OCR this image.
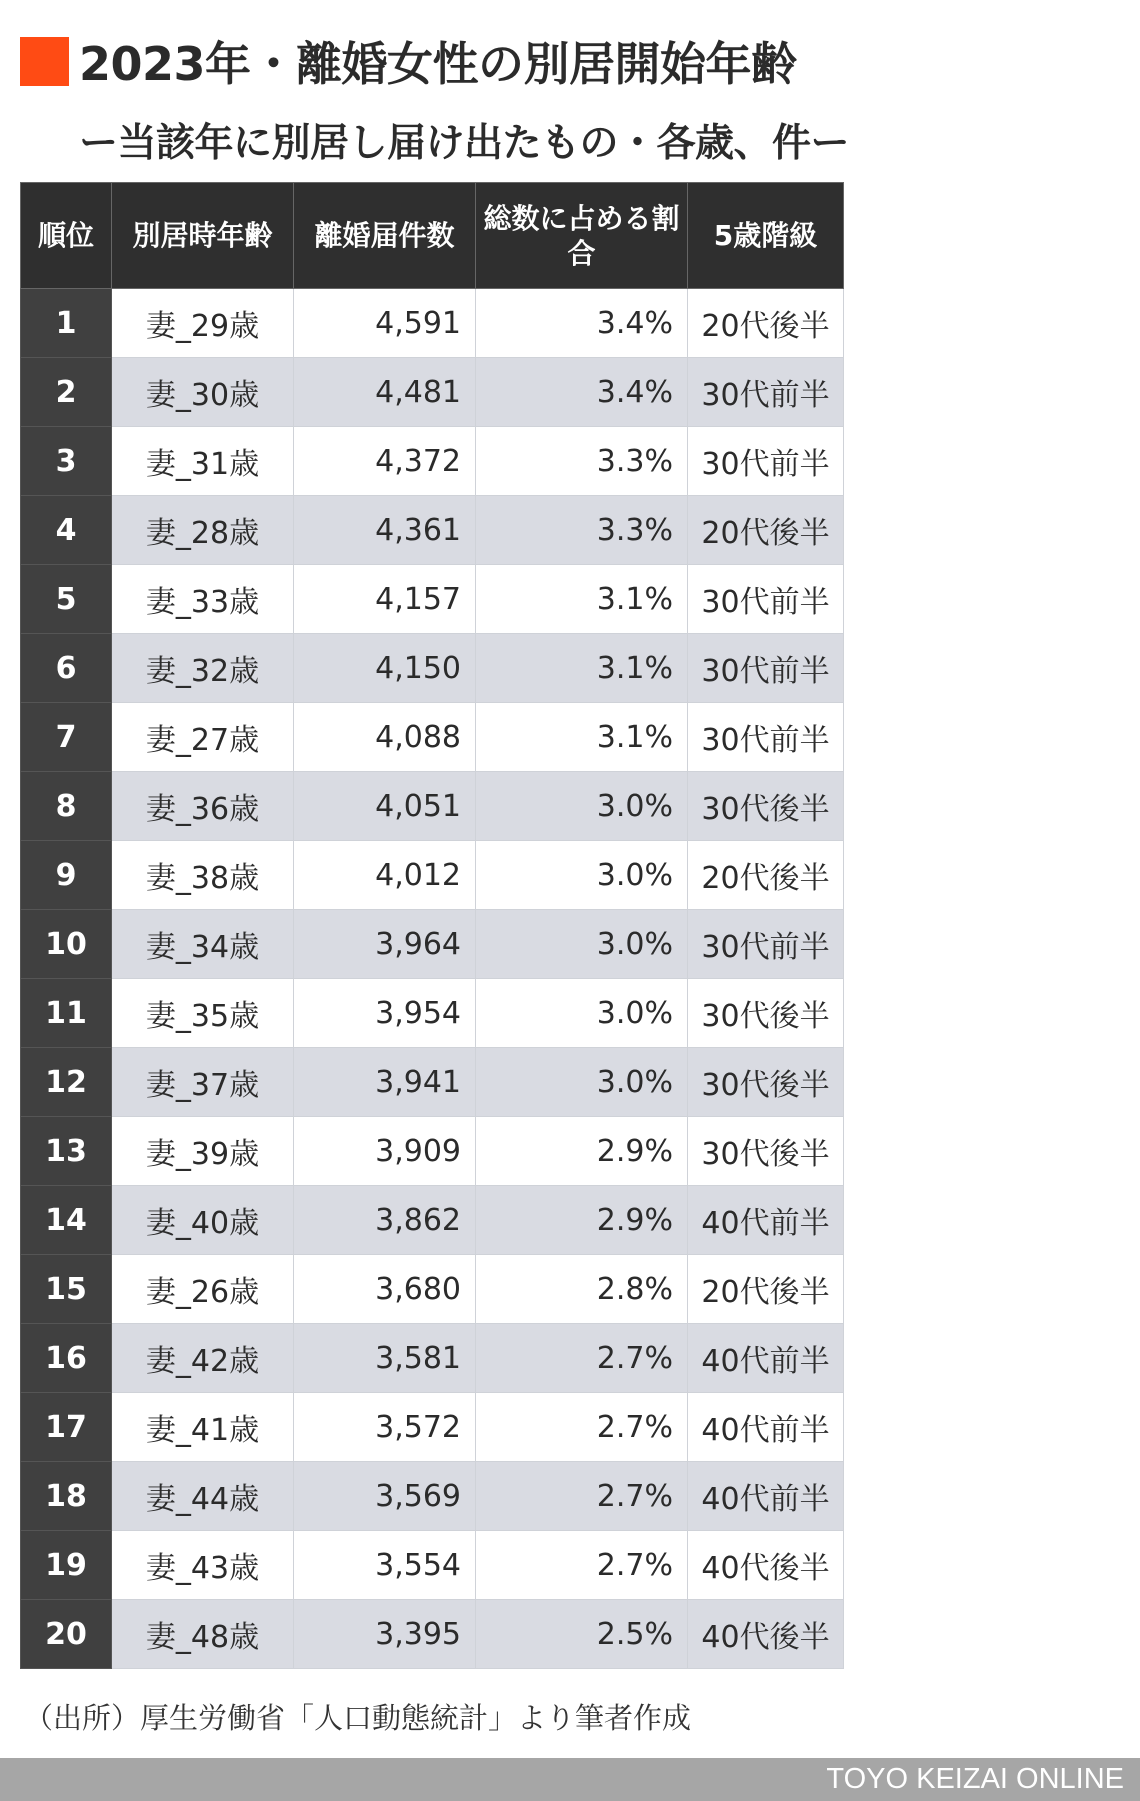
2023年・離婚女性の別居開始年齢
ー当該年に別居し届け出たもの・各歳、件ー
順位	別居時年齢	離婚届件数	総数に占める割合	5歳階級
1	妻_29歳	4,591	3.4%	20代後半
2	妻_30歳	4,481	3.4%	30代前半
3	妻_31歳	4,372	3.3%	30代前半
4	妻_28歳	4,361	3.3%	20代後半
5	妻_33歳	4,157	3.1%	30代前半
6	妻_32歳	4,150	3.1%	30代前半
7	妻_27歳	4,088	3.1%	30代前半
8	妻_36歳	4,051	3.0%	30代後半
9	妻_38歳	4,012	3.0%	20代後半
10	妻_34歳	3,964	3.0%	30代前半
11	妻_35歳	3,954	3.0%	30代後半
12	妻_37歳	3,941	3.0%	30代後半
13	妻_39歳	3,909	2.9%	30代後半
14	妻_40歳	3,862	2.9%	40代前半
15	妻_26歳	3,680	2.8%	20代後半
16	妻_42歳	3,581	2.7%	40代前半
17	妻_41歳	3,572	2.7%	40代前半
18	妻_44歳	3,569	2.7%	40代前半
19	妻_43歳	3,554	2.7%	40代後半
20	妻_48歳	3,395	2.5%	40代後半
（出所）厚生労働省「人口動態統計」より筆者作成
TOYO KEIZAI ONLINE
